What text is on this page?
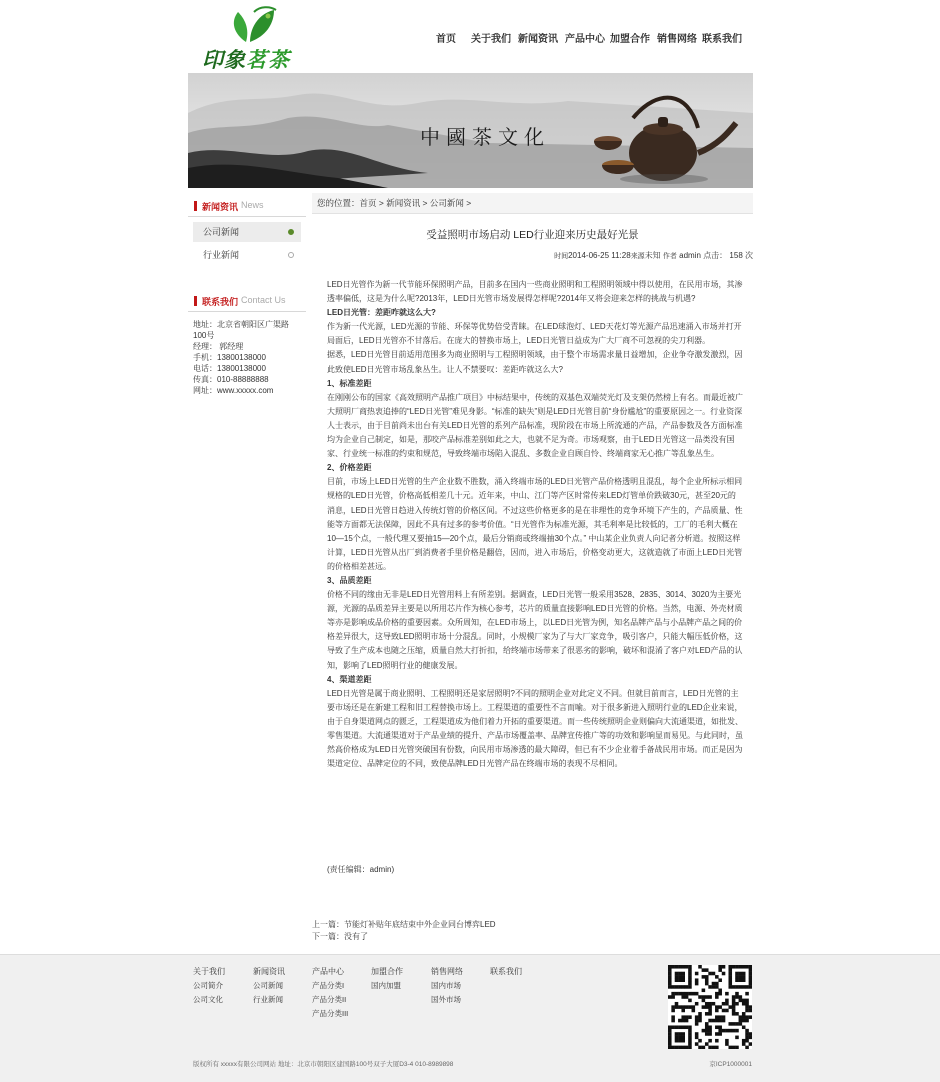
印象茗茶
首页	关于我们 新闻资讯 产品中心 加盟合作 销售网络 联系我们
中國茶文化
新闻资讯 News
公司新闻
行业新闻
联系我们 Contact Us
地址：北京省朝阳区广渠路
100号
经理： 郭经理
手机：13800138000
电话：13800138000
传真：010-88888888
网址：www.xxxxx.com
您的位置：首页 > 新闻资讯 > 公司新闻 >
受益照明市场启动 LED行业迎来历史最好光景
时间2014-06-25 11:28来源未知 作者 admin 点击： 158 次

LED日光管作为新一代节能环保照明产品，目前多在国内一些商业照明和工程照明领域中得以使用，在民用市场，其渗透率偏低，这是为什么呢?2013年，LED日光管市场发展得怎样呢?2014年又将会迎来怎样的挑战与机遇?

LED日光管：差距咋就这么大?

作为新一代光源，LED光源的节能、环保等优势倍受青睐。在LED球泡灯、LED天花灯等光源产品迅速涌入市场并打开局面后，LED日光管亦不甘落后。在庞大的替换市场上，LED日光管日益成为广大厂商不可忽视的尖刀利器。

据悉，LED日光管目前适用范围多为商业照明与工程照明领域，由于整个市场需求量日益增加，企业争夺激发激烈，因此致使LED日光管市场乱象丛生。让人不禁要叹：差距咋就这么大?

1、标准差距

在刚刚公布的国家《高效照明产品推广项目》中标结果中，传统的双基色双端荧光灯及支架仍然榜上有名。而最近被广大照明厂商热衷追捧的“LED日光管”难见身影。“标准的缺失”则是LED日光管目前“身份尴尬”的重要原因之一。行业资深人士表示，由于目前尚未出台有关LED日光管的系列产品标准，现阶段在市场上所流通的产品，产品参数及各方面标准均为企业自己制定，如是，那咬产品标准差别如此之大，也就不足为奇。市场观察，由于LED日光管这一品类没有国家、行业统一标准的约束和规范，导致终端市场陷入混乱、多数企业自顾自怜、终端商家无心推广等乱象丛生。

2、价格差距

目前，市场上LED日光管的生产企业数不胜数，涌入终端市场的LED日光管产品价格透明且混乱，每个企业所标示相同规格的LED日光管，价格高低相差几十元。近年来，中山、江门等产区时常传来LED灯管单价跌破30元，甚至20元的消息，LED日光管日趋进入传统灯管的价格区间。不过这些价格更多的是在非理性的竞争环境下产生的，产品质量、性能等方面都无法保障，因此不具有过多的参考价值。“日光管作为标准光源，其毛利率是比较低的，工厂的毛利大概在10—15个点，一般代理又要抽15—20个点，最后分销商或终端抽30个点。” 中山某企业负责人向记者分析道。按照这样计算，LED日光管从出厂到消费者手里价格是翻倍，因而，进入市场后，价格变动更大，这就造就了市面上LED日光管的价格相差甚远。

3、品质差距

价格不同的缘由无非是LED日光管用料上有所差别。据调查，LED日光管一般采用3528、2835、3014、3020为主要光源，光源的品质差异主要是以所用芯片作为核心参考，芯片的质量直接影响LED日光管的价格。当然，电源、外壳材质等亦是影响成品价格的重要因素。众所周知，在LED市场上，以LED日光管为例，知名品牌产品与小品牌产品之间的价格差异很大，这导致LED照明市场十分混乱。同时，小规模厂家为了与大厂家竞争，吸引客户，只能大幅压低价格，这导致了生产成本也随之压缩，质量自然大打折扣，给终端市场带来了很恶劣的影响，破坏和混淆了客户对LED产品的认知，影响了LED照明行业的健康发展。

4、渠道差距

LED日光管是属于商业照明、工程照明还是家居照明?不同的照明企业对此定义不同。但就目前而言，LED日光管的主要市场还是在新建工程和旧工程替换市场上。工程渠道的重要性不言而喻。对于很多新进入照明行业的LED企业来说，由于自身渠道网点的匮乏，工程渠道成为他们着力开拓的重要渠道。而一些传统照明企业则偏向大流通渠道，如批发、零售渠道。大流通渠道对于产品业绩的提升、产品市场覆盖率、品牌宣传推广等的功效和影响显而易见。与此同时，虽然高价格成为LED日光管突破国有份数，向民用市场渗透的最大障碍，但已有不少企业着手备战民用市场。而正是因为渠道定位、品牌定位的不同，致使品牌LED日光管产品在终端市场的表现不尽相同。

(责任编辑：admin)
上一篇：节能灯补贴年底结束中外企业同台博弈LED
下一篇：没有了
关于我们
公司简介
公司文化
新闻资讯
公司新闻
行业新闻
产品中心
产品分类I
产品分类II
产品分类III
加盟合作
国内加盟
销售网络
国内市场
国外市场
联系我们
版权所有 xxxxx有限公司网站 地址：北京市朝阳区建国路100号双子大厦D3-4 010-8989898	京ICP1000001
